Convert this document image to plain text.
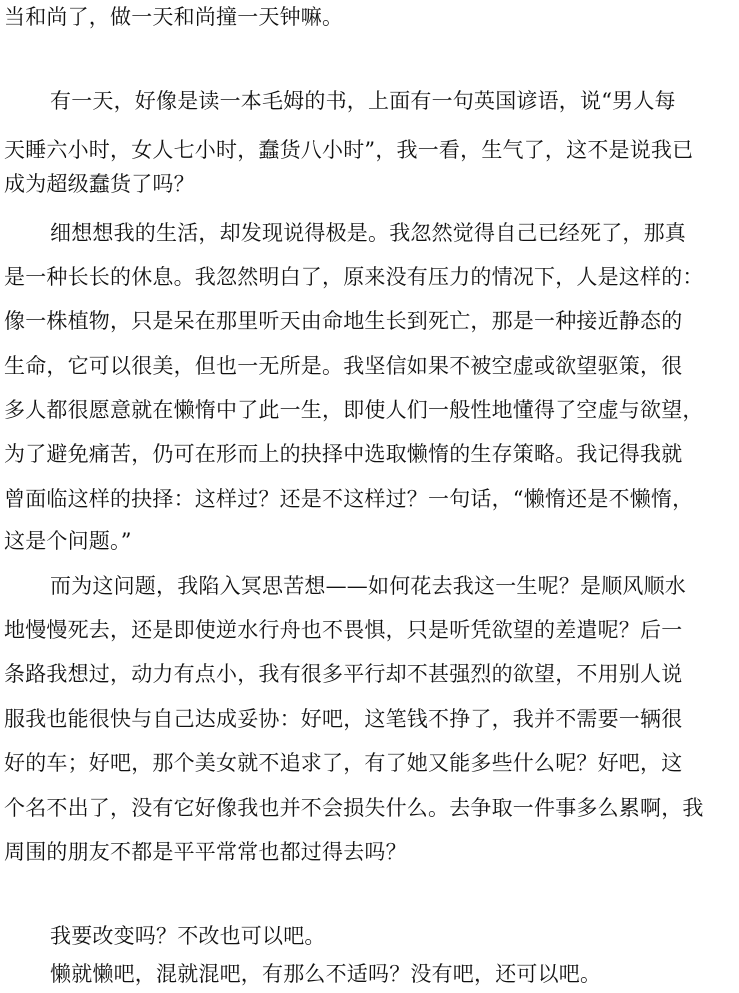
当和尚了，做一天和尚撞一天钟嘛。
有一天，好像是读一本毛姆的书，上面有一句英国谚语，说“男人每
天睡六小时，女人七小时，蠢货八小时”，我一看，生气了，这不是说我已
成为超级蠢货了吗？
细想想我的生活，却发现说得极是。我忽然觉得自己已经死了，那真
是一种长长的休息。我忽然明白了，原来没有压力的情况下，人是这样的：
像一株植物，只是呆在那里听天由命地生长到死亡，那是一种接近静态的
生命，它可以很美，但也一无所是。我坚信如果不被空虚或欲望驱策，很
多人都很愿意就在懒惰中了此一生，即使人们一般性地懂得了空虚与欲望，
为了避免痛苦，仍可在形而上的抉择中选取懒惰的生存策略。我记得我就
曾面临这样的抉择：这样过？还是不这样过？一句话，“懒惰还是不懒惰，
这是个问题。”
而为这问题，我陷入冥思苦想——如何花去我这一生呢？是顺风顺水
地慢慢死去，还是即使逆水行舟也不畏惧，只是听凭欲望的差遣呢？后一
条路我想过，动力有点小，我有很多平行却不甚强烈的欲望，不用别人说
服我也能很快与自己达成妥协：好吧，这笔钱不挣了，我并不需要一辆很
好的车；好吧，那个美女就不追求了，有了她又能多些什么呢？好吧，这
个名不出了，没有它好像我也并不会损失什么。去争取一件事多么累啊，我
周围的朋友不都是平平常常也都过得去吗？
我要改变吗？不改也可以吧。
懒就懒吧，混就混吧，有那么不适吗？没有吧，还可以吧。
